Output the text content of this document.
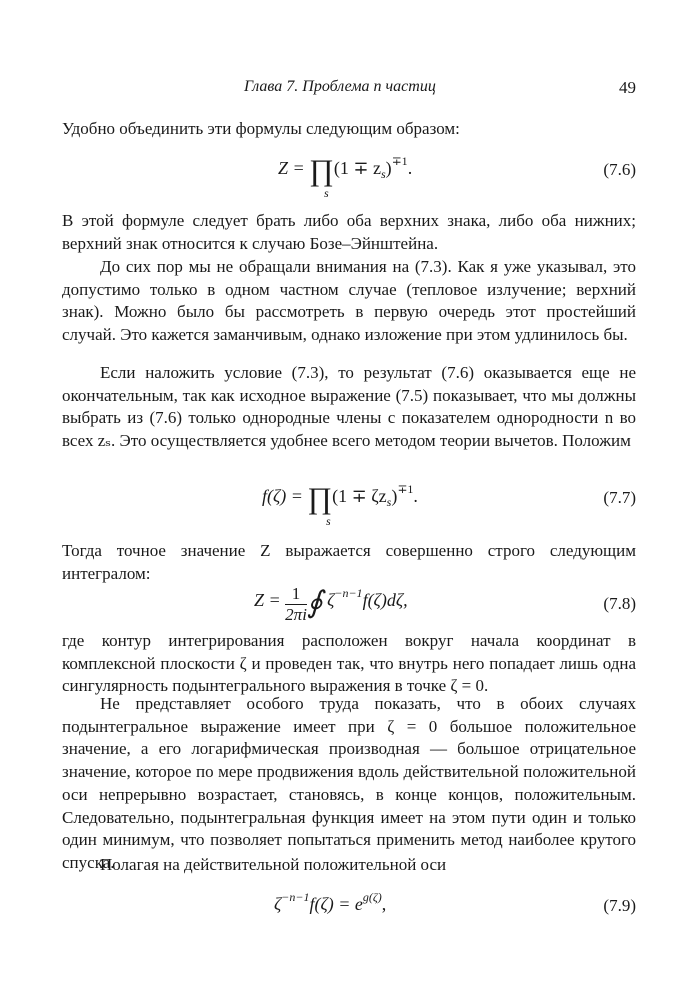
Глава 7. Проблема n частиц	49

Удобно объединить эти формулы следующим образом:

Z = ∏(1 ∓ $z_s)^{\mp 1}$.
s
(7.6)

В этой формуле следует брать либо оба верхних знака, либо оба нижних; верхний знак относится к случаю Бозе–Эйнштейна.

До сих пор мы не обращали внимания на (7.3). Как я уже указывал, это допустимо только в одном частном случае (тепловое излучение; верхний знак). Можно было бы рассмотреть в первую очередь этот простейший случай. Это кажется заманчивым, однако изложение при этом удлинилось бы.

Если наложить условие (7.3), то результат (7.6) оказывается еще не окончательным, так как исходное выражение (7.5) показывает, что мы должны выбрать из (7.6) только однородные члены с показателем однородности n во всех zₛ. Это осуществляется удобнее всего методом теории вычетов. Положим

f(ζ) = ∏(1 ∓ $\zeta z_s)^{\mp 1}$.
s
(7.7)

Тогда точное значение Z выражается совершенно строго следующим интегралом:

$Z = \frac{1}{2\pi i}$ ∮ $\zeta^{-n-1}f(\zeta)d\zeta$,	(7.8)

где контур интегрирования расположен вокруг начала координат в комплексной плоскости ζ и проведен так, что внутрь него попадает лишь одна сингулярность подынтегрального выражения в точке ζ = 0.

Не представляет особого труда показать, что в обоих случаях подынтегральное выражение имеет при ζ = 0 большое положительное значение, а его логарифмическая производная — большое отрицательное значение, которое по мере продвижения вдоль действительной положительной оси непрерывно возрастает, становясь, в конце концов, положительным. Следовательно, подынтегральная функция имеет на этом пути один и только один минимум, что позволяет попытаться применить метод наиболее крутого спуска.

Полагая на действительной положительной оси

$\zeta^{-n-1}f(\zeta) = e^{g(\zeta)}$,	(7.9)
